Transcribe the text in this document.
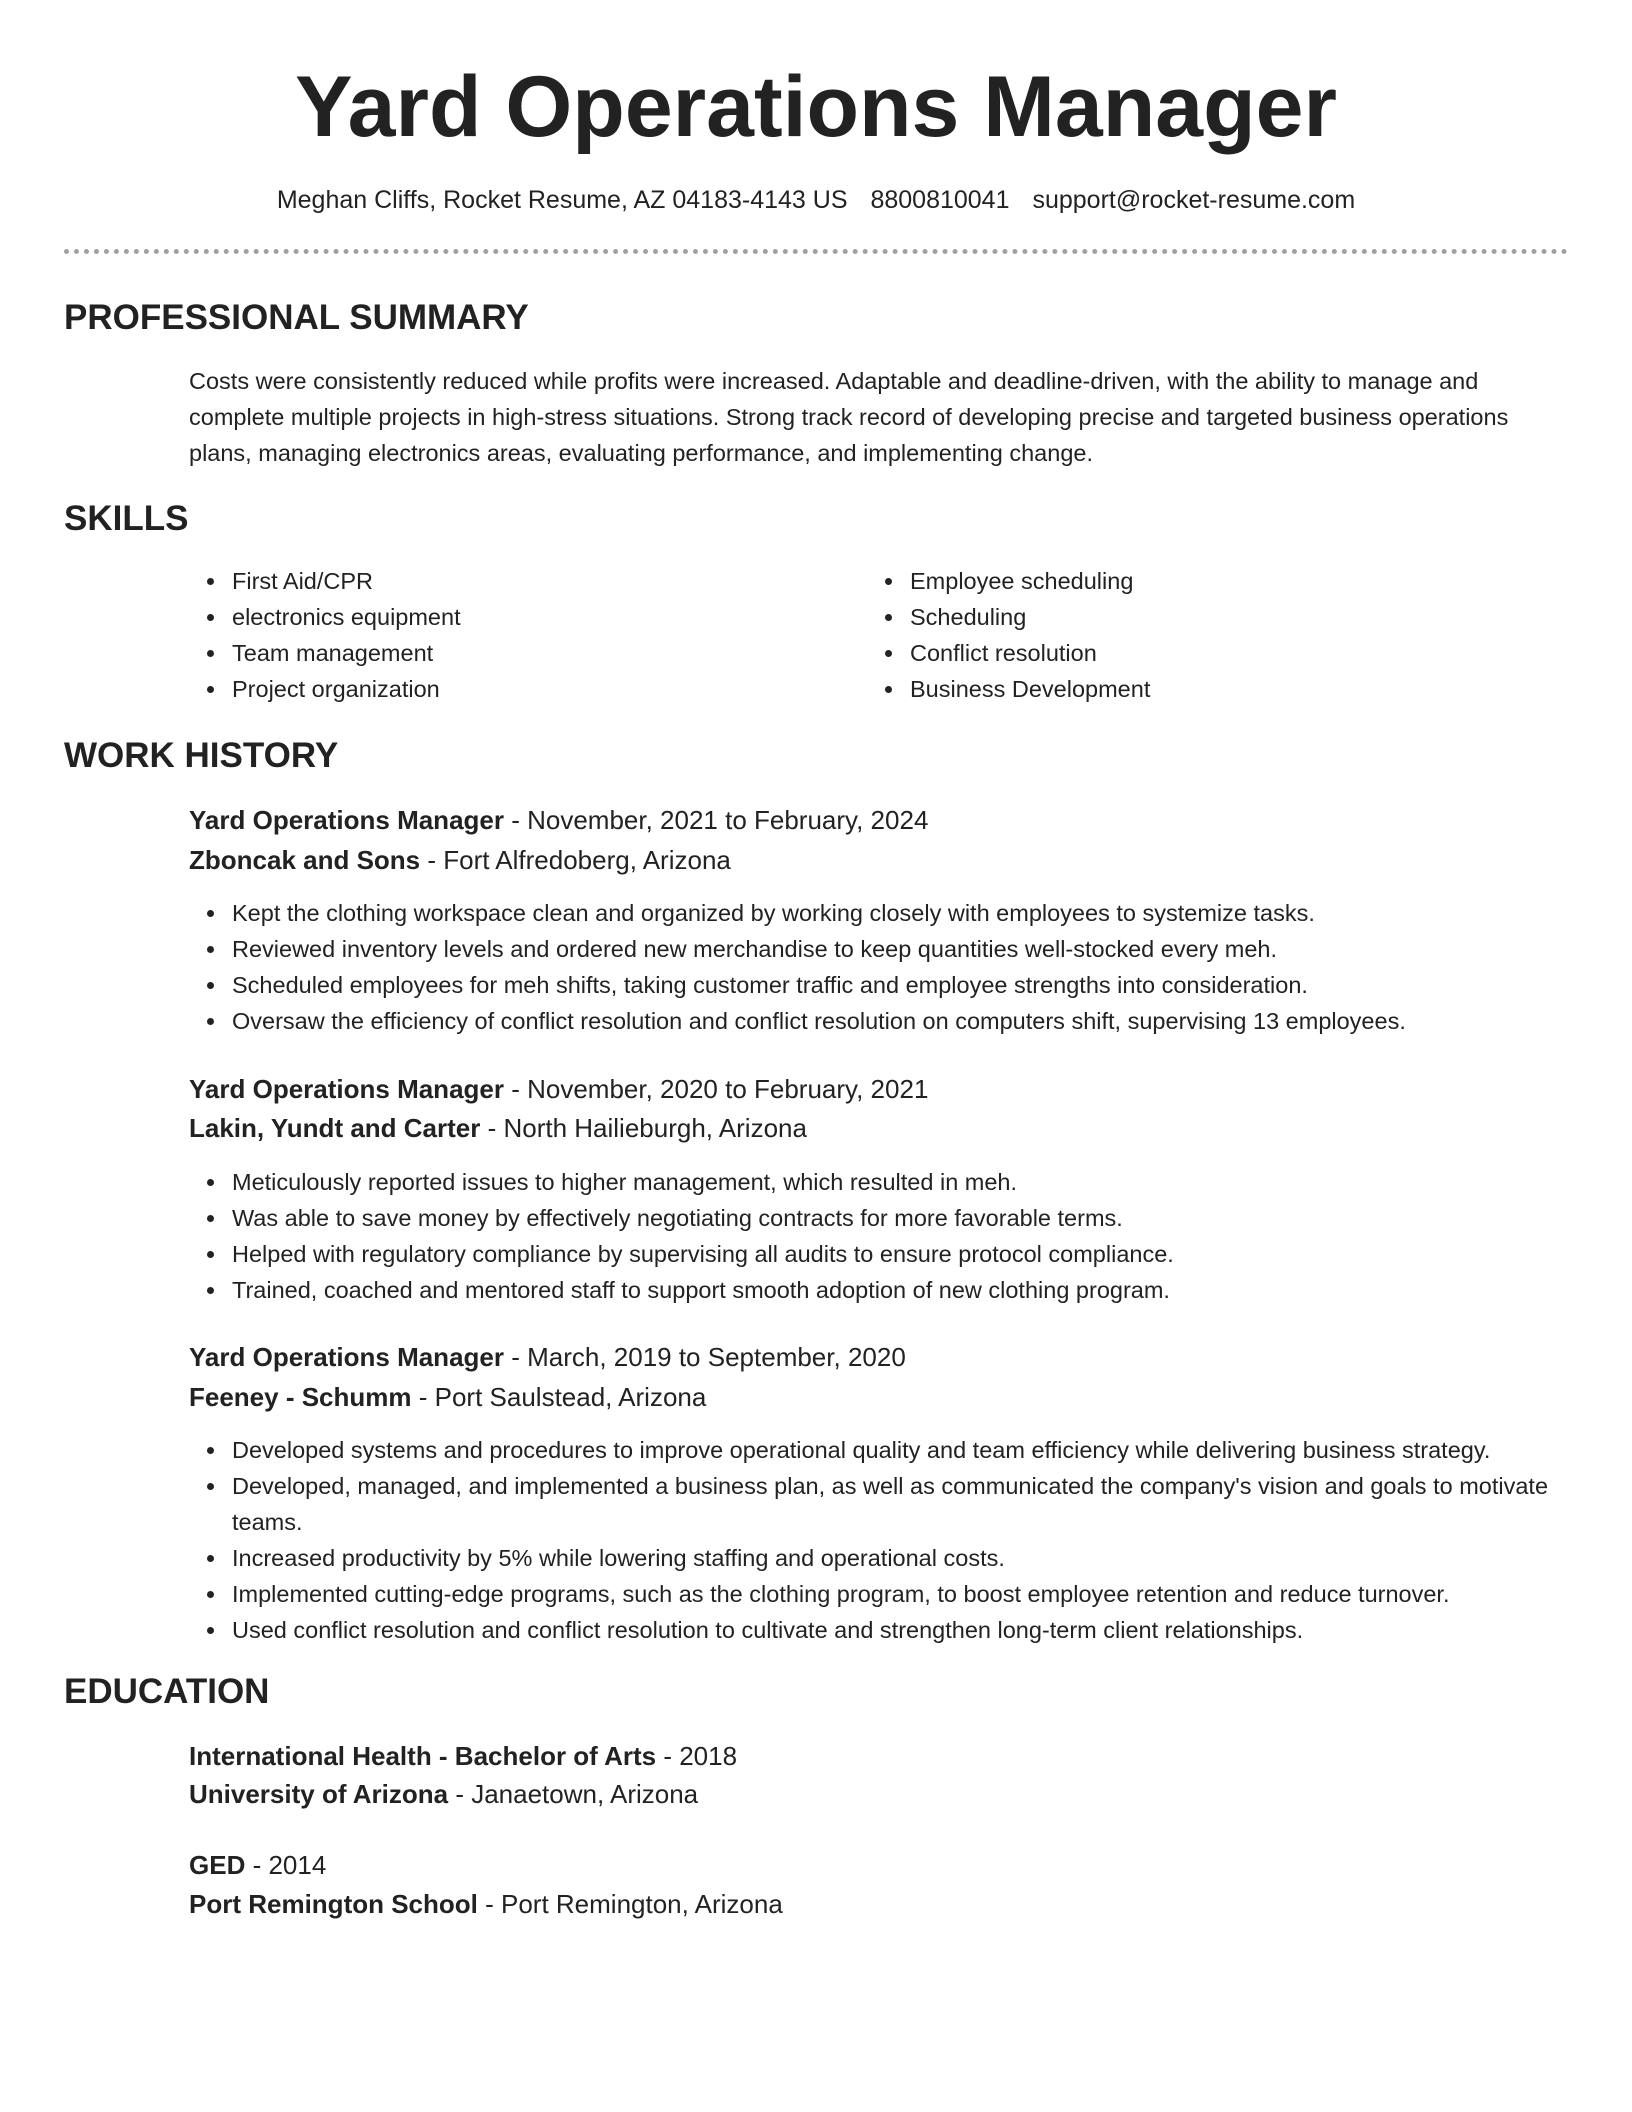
Yard Operations Manager
Meghan Cliffs, Rocket Resume, AZ 04183-4143 US 8800810041 support@rocket-resume.com
PROFESSIONAL SUMMARY

Costs were consistently reduced while profits were increased. Adaptable and deadline-driven, with the ability to manage and complete multiple projects in high-stress situations. Strong track record of developing precise and targeted business operations plans, managing electronics areas, evaluating performance, and implementing change.

SKILLS
First Aid/CPR
electronics equipment
Team management
Project organization
Employee scheduling
Scheduling
Conflict resolution
Business Development
WORK HISTORY
Yard Operations Manager - November, 2021 to February, 2024
Zboncak and Sons - Fort Alfredoberg, Arizona
Kept the clothing workspace clean and organized by working closely with employees to systemize tasks.
Reviewed inventory levels and ordered new merchandise to keep quantities well-stocked every meh.
Scheduled employees for meh shifts, taking customer traffic and employee strengths into consideration.
Oversaw the efficiency of conflict resolution and conflict resolution on computers shift, supervising 13 employees.
Yard Operations Manager - November, 2020 to February, 2021
Lakin, Yundt and Carter - North Hailieburgh, Arizona
Meticulously reported issues to higher management, which resulted in meh.
Was able to save money by effectively negotiating contracts for more favorable terms.
Helped with regulatory compliance by supervising all audits to ensure protocol compliance.
Trained, coached and mentored staff to support smooth adoption of new clothing program.
Yard Operations Manager - March, 2019 to September, 2020
Feeney - Schumm - Port Saulstead, Arizona
Developed systems and procedures to improve operational quality and team efficiency while delivering business strategy.
Developed, managed, and implemented a business plan, as well as communicated the company's vision and goals to motivate teams.
Increased productivity by 5% while lowering staffing and operational costs.
Implemented cutting-edge programs, such as the clothing program, to boost employee retention and reduce turnover.
Used conflict resolution and conflict resolution to cultivate and strengthen long-term client relationships.
EDUCATION
International Health - Bachelor of Arts - 2018
University of Arizona - Janaetown, Arizona
GED - 2014
Port Remington School - Port Remington, Arizona
